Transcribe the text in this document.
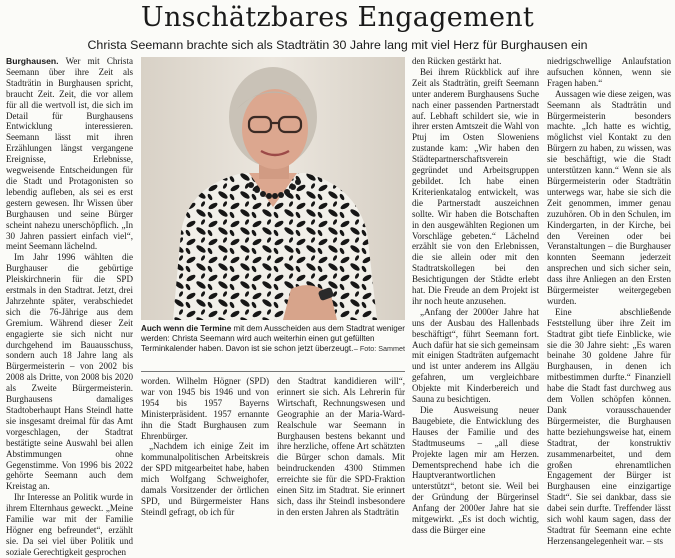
Unschätzbares Engagement

Christa Seemann brachte sich als Stadträtin 30 Jahre lang mit viel Herz für Burghausen ein

Burghausen. Wer mit Christa Seemann über ihre Zeit als Stadträtin in Burghausen spricht, braucht Zeit. Zeit, die vor allem für all die wertvoll ist, die sich im Detail für Burghausens Entwicklung interessieren. Seemann lässt mit ihren Erzählungen längst vergangene Ereignisse, Erlebnisse, wegweisende Entscheidungen für die Stadt und Protagonisten so lebendig aufleben, als sei es erst gestern gewesen. Ihr Wissen über Burghausen und seine Bürger scheint nahezu unerschöpflich. „In 30 Jahren passiert einfach viel“, meint Seemann lächelnd.

Im Jahr 1996 wählten die Burghauser die gebürtige Pleiskirchnerin für die SPD erstmals in den Stadtrat. Jetzt, drei Jahrzehnte später, verabschiedet sich die 76-Jährige aus dem Gremium. Während dieser Zeit engagierte sie sich nicht nur durchgehend im Bauausschuss, sondern auch 18 Jahre lang als Bürgermeisterin – von 2002 bis 2008 als Dritte, von 2008 bis 2020 als Zweite Bürgermeisterin. Burghausens damaliges Stadtoberhaupt Hans Steindl hatte sie insgesamt dreimal für das Amt vorgeschlagen, der Stadtrat bestätigte seine Auswahl bei allen Abstimmungen ohne Gegenstimme. Von 1996 bis 2022 gehörte Seemann auch dem Kreistag an.

Ihr Interesse an Politik wurde in ihrem Elternhaus geweckt. „Meine Familie war mit der Familie Högner eng befreundet“, erzählt sie. Da sei viel über Politik und soziale Gerechtigkeit gesprochen

Auch wenn die Termine mit dem Ausscheiden aus dem Stadtrat weniger werden: Christa Seemann wird auch weiterhin einen gut gefüllten Terminkalender haben. Davon ist sie schon jetzt überzeugt. – Foto: Sammet

worden. Wilhelm Högner (SPD) war von 1945 bis 1946 und von 1954 bis 1957 Bayerns Ministerpräsident. 1957 ernannte ihn die Stadt Burghausen zum Ehrenbürger.

„Nachdem ich einige Zeit im kommunalpolitischen Arbeitskreis der SPD mitgearbeitet habe, haben mich Wolfgang Schweighofer, damals Vorsitzender der örtlichen SPD, und Bürgermeister Hans Steindl gefragt, ob ich für

den Stadtrat kandidieren will“, erinnert sie sich. Als Lehrerin für Wirtschaft, Rechnungswesen und Geographie an der Maria-Ward-Realschule war Seemann in Burghausen bestens bekannt und ihre herzliche, offene Art schätzten die Bürger schon damals. Mit beindruckenden 4300 Stimmen erreichte sie für die SPD-Fraktion einen Sitz im Stadtrat. Sie erinnert sich, dass ihr Steindl insbesondere in den ersten Jahren als Stadträtin

den Rücken gestärkt hat.

Bei ihrem Rückblick auf ihre Zeit als Stadträtin, greift Seemann unter anderem Burghausens Suche nach einer passenden Partnerstadt auf. Lebhaft schildert sie, wie in ihrer ersten Amtszeit die Wahl von Ptuj im Osten Sloweniens zustande kam: „Wir haben den Städtepartnerschaftsverein gegründet und Arbeitsgruppen gebildet. Ich habe einen Kriterienkatalog entwickelt, was die Partnerstadt auszeichnen sollte. Wir haben die Botschaften in den ausgewählten Regionen um Vorschläge gebeten.“ Lächelnd erzählt sie von den Erlebnissen, die sie allein oder mit den Stadtratskollegen bei den Besichtigungen der Städte erlebt hat. Die Freude an dem Projekt ist ihr noch heute anzusehen.

„Anfang der 2000er Jahre hat uns der Ausbau des Hallenbads beschäftigt“, führt Seemann fort. Auch dafür hat sie sich gemeinsam mit einigen Stadträten aufgemacht und ist unter anderem ins Allgäu gefahren, um vergleichbare Objekte mit Kinderbereich und Sauna zu besichtigen.

Die Ausweisung neuer Baugebiete, die Entwicklung des Hauses der Familie und des Stadtmuseums – „all diese Projekte lagen mir am Herzen. Dementsprechend habe ich die Hauptverantwortlichen unterstützt“, betont sie. Weil bei der Gründung der Bürgerinsel Anfang der 2000er Jahre hat sie mitgewirkt. „Es ist doch wichtig, dass die Bürger eine

niedrigschwellige Anlaufstation aufsuchen können, wenn sie Fragen haben.“

Aussagen wie diese zeigen, was Seemann als Stadträtin und Bürgermeisterin besonders machte. „Ich hatte es wichtig, möglichst viel Kontakt zu den Bürgern zu haben, zu wissen, was sie beschäftigt, wie die Stadt unterstützen kann.“ Wenn sie als Bürgermeisterin oder Stadträtin unterwegs war, habe sie sich die Zeit genommen, immer genau zuzuhören. Ob in den Schulen, im Kindergarten, in der Kirche, bei den Vereinen oder bei Veranstaltungen – die Burghauser konnten Seemann jederzeit ansprechen und sich sicher sein, dass ihre Anliegen an den Ersten Bürgermeister weitergegeben wurden.

Eine abschließende Feststellung über ihre Zeit im Stadtrat gibt tiefe Einblicke, wie sie die 30 Jahre sieht: „Es waren beinahe 30 goldene Jahre für Burghausen, in denen ich mitbestimmen durfte.“ Finanziell habe die Stadt fast durchweg aus dem Vollen schöpfen können. Dank vorausschauender Bürgermeister, die Burghausen hatte beziehungsweise hat, einem Stadtrat, der konstruktiv zusammenarbeitet, und dem großen ehrenamtlichen Engagement der Bürger ist Burghausen eine einzigartige Stadt“. Sie sei dankbar, dass sie dabei sein durfte. Treffender lässt sich wohl kaum sagen, dass der Stadtrat für Seemann eine echte Herzensangelegenheit war. – sts
